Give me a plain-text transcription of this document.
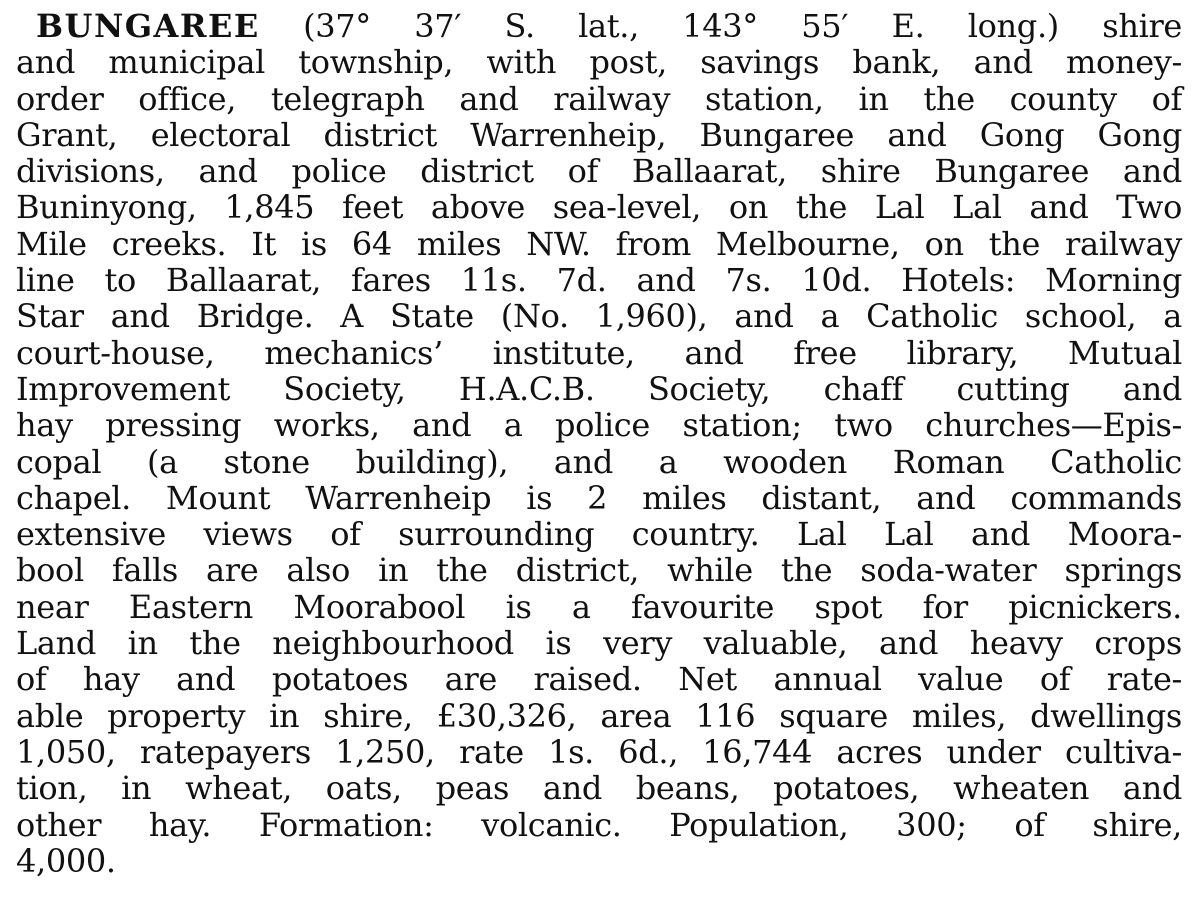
BUNGAREE (37° 37′ S. lat., 143° 55′ E. long.) shire
and municipal township, with post, savings bank, and money-
order office, telegraph and railway station, in the county of
Grant, electoral district Warrenheip, Bungaree and Gong Gong
divisions, and police district of Ballaarat, shire Bungaree and
Buninyong, 1,845 feet above sea-level, on the Lal Lal and Two
Mile creeks. It is 64 miles NW. from Melbourne, on the railway
line to Ballaarat, fares 11s. 7d. and 7s. 10d. Hotels: Morning
Star and Bridge. A State (No. 1,960), and a Catholic school, a
court-house, mechanics’ institute, and free library, Mutual
Improvement Society, H.A.C.B. Society, chaff cutting and
hay pressing works, and a police station; two churches—Epis-
copal (a stone building), and a wooden Roman Catholic
chapel. Mount Warrenheip is 2 miles distant, and commands
extensive views of surrounding country. Lal Lal and Moora-
bool falls are also in the district, while the soda-water springs
near Eastern Moorabool is a favourite spot for picnickers.
Land in the neighbourhood is very valuable, and heavy crops
of hay and potatoes are raised. Net annual value of rate-
able property in shire, £30,326, area 116 square miles, dwellings
1,050, ratepayers 1,250, rate 1s. 6d., 16,744 acres under cultiva-
tion, in wheat, oats, peas and beans, potatoes, wheaten and
other hay. Formation: volcanic. Population, 300; of shire,
4,000.
